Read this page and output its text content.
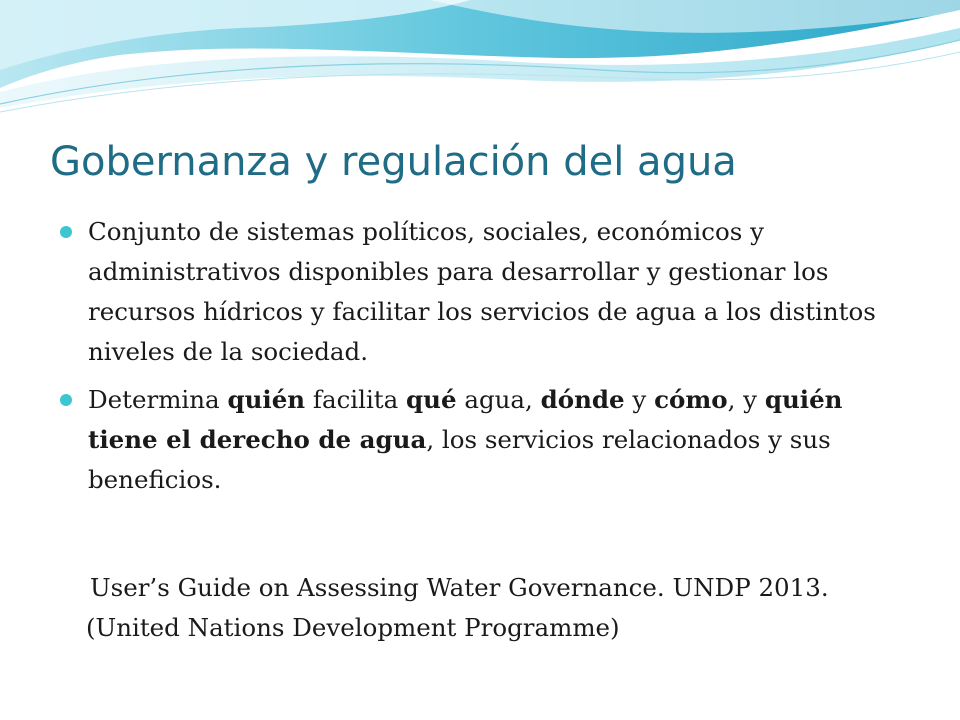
Gobernanza y regulación del agua
Conjunto de sistemas políticos, sociales, económicos y administrativos disponibles para desarrollar y gestionar los recursos hídricos y facilitar los servicios de agua a los distintos niveles de la sociedad.
Determina quién facilita qué agua, dónde y cómo, y quién tiene el derecho de agua, los servicios relacionados y sus beneficios.

User’s Guide on Assessing Water Governance. UNDP 2013. (United Nations Development Programme)
